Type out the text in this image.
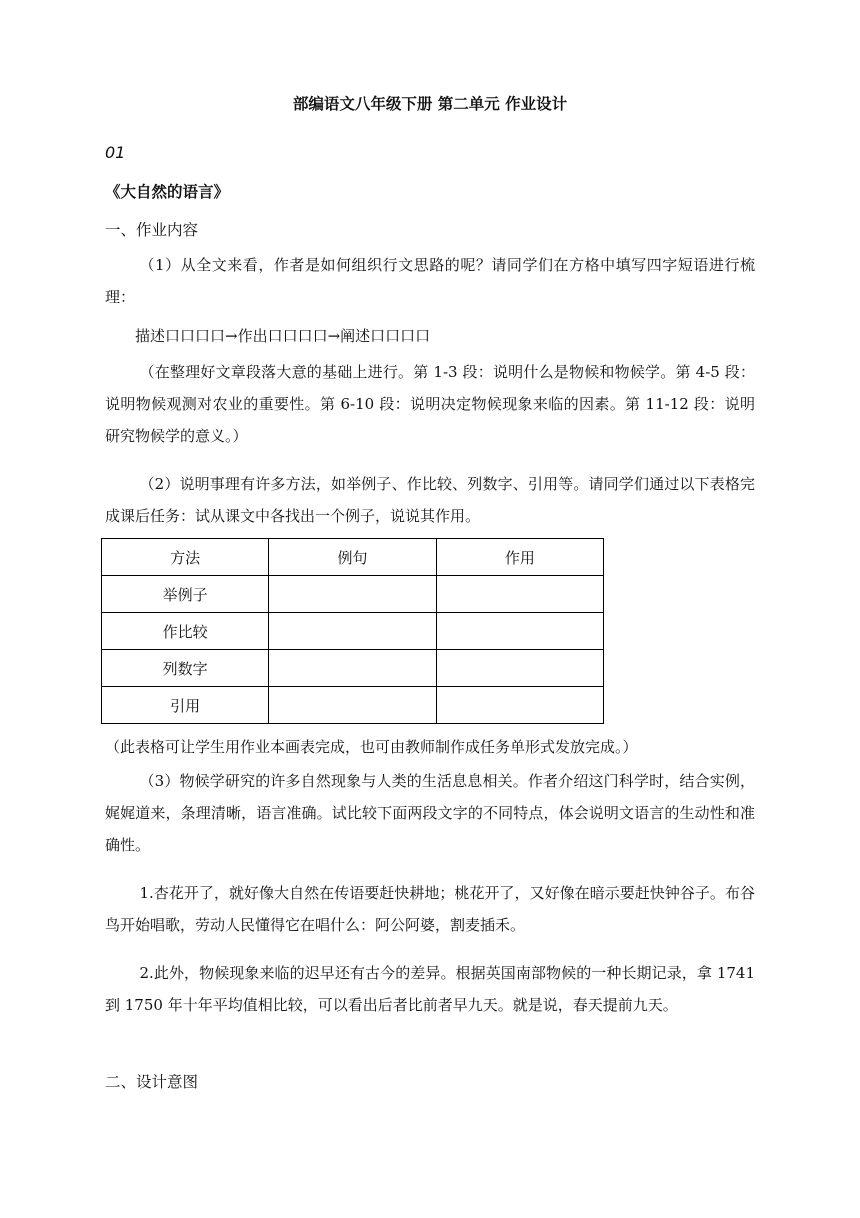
部编语文八年级下册 第二单元 作业设计
01
《大自然的语言》
一、作业内容

（1）从全文来看，作者是如何组织行文思路的呢？请同学们在方格中填写四字短语进行梳理：

描述口口口口→作出口口口口→阐述口口口口

（在整理好文章段落大意的基础上进行。第 1-3 段：说明什么是物候和物候学。第 4-5 段：说明物候观测对农业的重要性。第 6-10 段：说明决定物候现象来临的因素。第 11-12 段：说明研究物候学的意义。）

（2）说明事理有许多方法，如举例子、作比较、列数字、引用等。请同学们通过以下表格完成课后任务：试从课文中各找出一个例子，说说其作用。

方法	例句	作用
举例子		
作比较		
列数字		
引用		
（此表格可让学生用作业本画表完成，也可由教师制作成任务单形式发放完成。）

（3）物候学研究的许多自然现象与人类的生活息息相关。作者介绍这门科学时，结合实例，娓娓道来，条理清晰，语言准确。试比较下面两段文字的不同特点，体会说明文语言的生动性和准确性。

1.杏花开了，就好像大自然在传语要赶快耕地；桃花开了，又好像在暗示要赶快钟谷子。布谷鸟开始唱歌，劳动人民懂得它在唱什么：阿公阿婆，割麦插禾。

2.此外，物候现象来临的迟早还有古今的差异。根据英国南部物候的一种长期记录，拿 1741 到 1750 年十年平均值相比较，可以看出后者比前者早九天。就是说，春天提前九天。

二、设计意图
